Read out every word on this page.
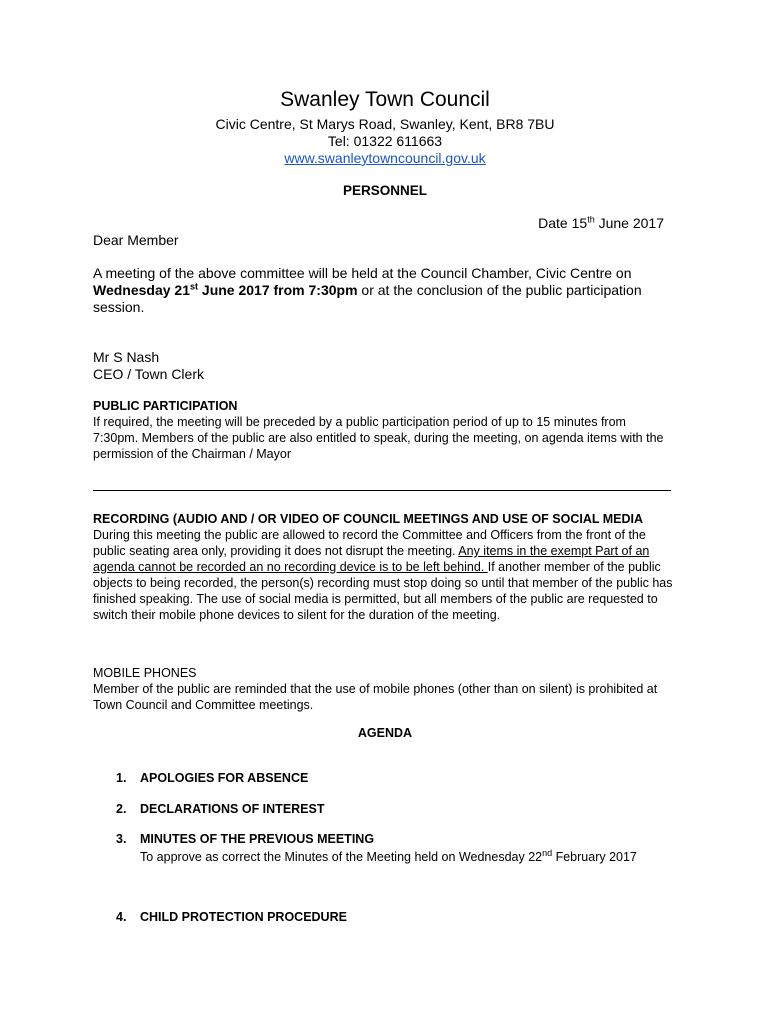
Swanley Town Council
Civic Centre, St Marys Road, Swanley, Kent, BR8 7BU
Tel: 01322 611663
www.swanleytowncouncil.gov.uk
PERSONNEL
Date 15th June 2017
Dear Member
A meeting of the above committee will be held at the Council Chamber, Civic Centre on Wednesday 21st June 2017 from 7:30pm or at the conclusion of the public participation session.

Mr S Nash

CEO / Town Clerk

PUBLIC PARTICIPATION

If required, the meeting will be preceded by a public participation period of up to 15 minutes from 7:30pm. Members of the public are also entitled to speak, during the meeting, on agenda items with the permission of the Chairman / Mayor

RECORDING (AUDIO AND / OR VIDEO OF COUNCIL MEETINGS AND USE OF SOCIAL MEDIA

During this meeting the public are allowed to record the Committee and Officers from the front of the public seating area only, providing it does not disrupt the meeting. Any items in the exempt Part of an agenda cannot be recorded an no recording device is to be left behind. If another member of the public objects to being recorded, the person(s) recording must stop doing so until that member of the public has finished speaking. The use of social media is permitted, but all members of the public are requested to switch their mobile phone devices to silent for the duration of the meeting.

MOBILE PHONES

Member of the public are reminded that the use of mobile phones (other than on silent) is prohibited at Town Council and Committee meetings.

AGENDA
1. APOLOGIES FOR ABSENCE
2. DECLARATIONS OF INTEREST
3. MINUTES OF THE PREVIOUS MEETING
To approve as correct the Minutes of the Meeting held on Wednesday 22nd February 2017
4. CHILD PROTECTION PROCEDURE
